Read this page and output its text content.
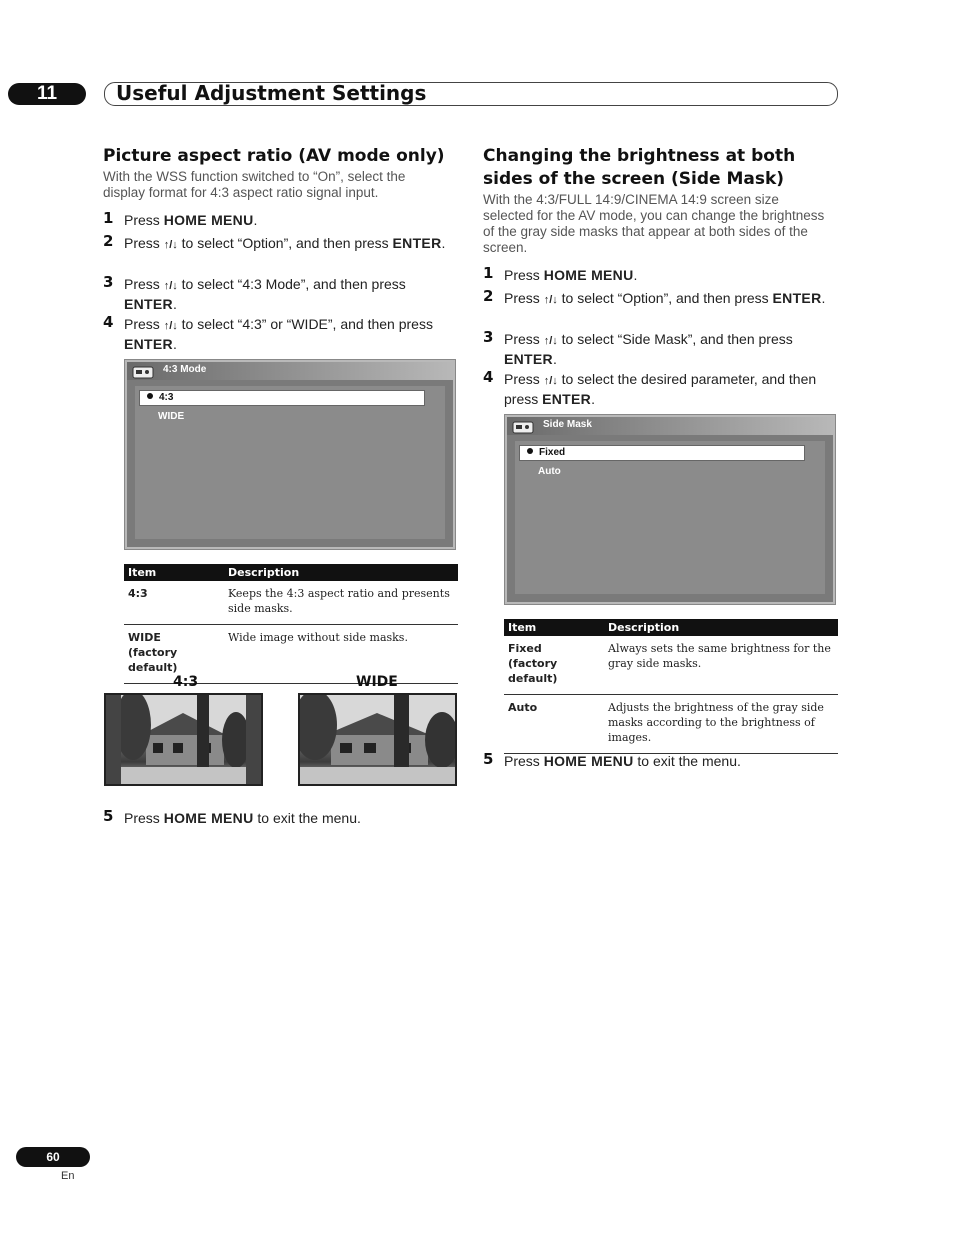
11	Useful Adjustment Settings
Picture aspect ratio (AV mode only)
With the WSS function switched to “On”, select the display format for 4:3 aspect ratio signal input.
1 Press HOME MENU.
2 Press ↑/↓ to select “Option”, and then press ENTER.
3 Press ↑/↓ to select “4:3 Mode”, and then press ENTER.
4 Press ↑/↓ to select “4:3” or “WIDE”, and then press ENTER.
4:3 Mode
4:3
WIDE
Item	Description
4:3	Keeps the 4:3 aspect ratio and presents side masks.
WIDE
(factory default)	Wide image without side masks.
4:3	WIDE
5 Press HOME MENU to exit the menu.
Changing the brightness at both sides of the screen (Side Mask)
With the 4:3/FULL 14:9/CINEMA 14:9 screen size selected for the AV mode, you can change the brightness of the gray side masks that appear at both sides of the screen.
1 Press HOME MENU.
2 Press ↑/↓ to select “Option”, and then press ENTER.
3 Press ↑/↓ to select “Side Mask”, and then press ENTER.
4 Press ↑/↓ to select the desired parameter, and then press ENTER.
Side Mask
Fixed
Auto
Item	Description
Fixed
(factory default)	Always sets the same brightness for the gray side masks.
Auto	Adjusts the brightness of the gray side masks according to the brightness of images.
5 Press HOME MENU to exit the menu.
60
En
